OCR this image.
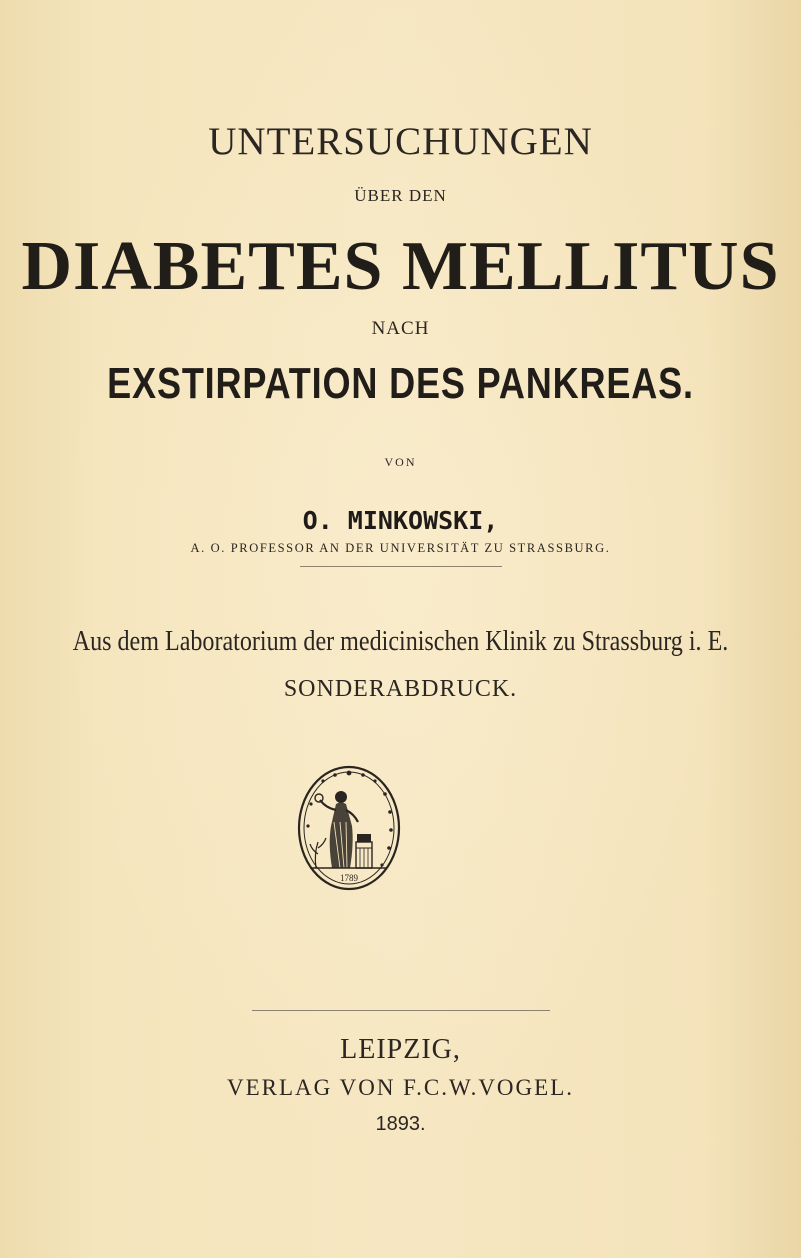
UNTERSUCHUNGEN
ÜBER DEN
DIABETES MELLITUS
NACH
EXSTIRPATION DES PANKREAS.
VON
O. MINKOWSKI,
A. O. PROFESSOR AN DER UNIVERSITÄT ZU STRASSBURG.
Aus dem Laboratorium der medicinischen Klinik zu Strassburg i. E.
SONDERABDRUCK.
1789
LEIPZIG,
VERLAG VON F.C.W.VOGEL.
1893.
